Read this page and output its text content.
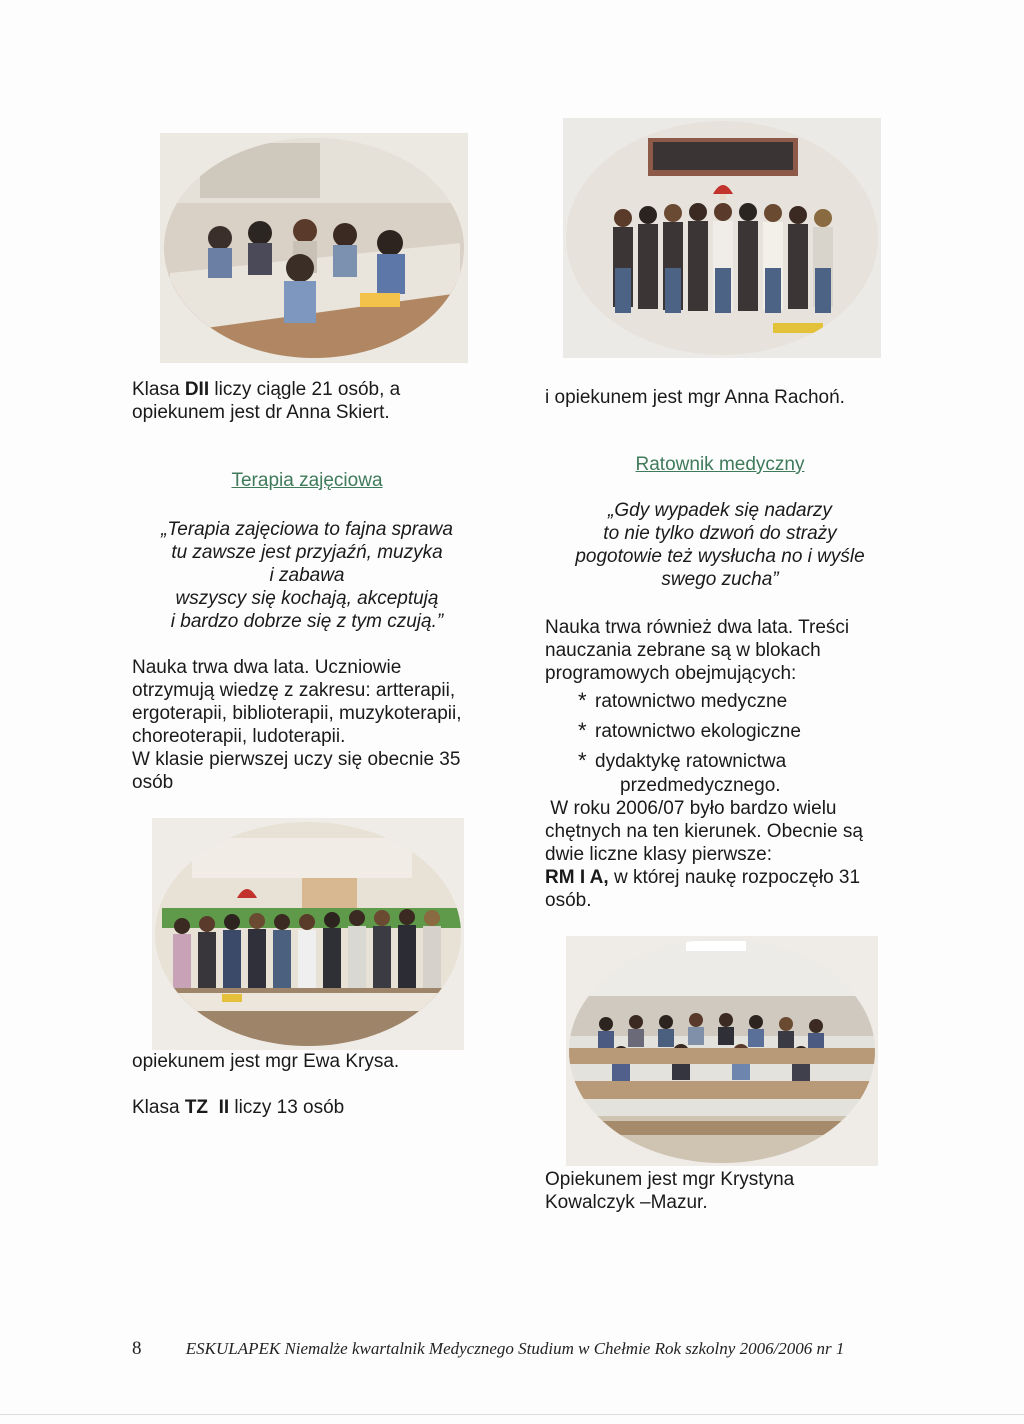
Klasa DII liczy ciągle 21 osób, a
opiekunem jest dr Anna Skiert.
i opiekunem jest mgr Anna Rachoń.
Terapia zajęciowa
Ratownik medyczny
„Terapia zajęciowa to fajna sprawa
tu zawsze jest przyjaźń, muzyka
i zabawa
wszyscy się kochają, akceptują
i bardzo dobrze się z tym czują.”
„Gdy wypadek się nadarzy
to nie tylko dzwoń do straży
pogotowie też wysłucha no i wyśle
swego zucha”
Nauka trwa dwa lata. Uczniowie
otrzymują wiedzę z zakresu: artterapii,
ergoterapii, biblioterapii, muzykoterapii,
choreoterapii, ludoterapii.
W klasie pierwszej uczy się obecnie 35
osób
Nauka trwa również dwa lata. Treści
nauczania zebrane są w blokach
programowych obejmujących:
* ratownictwo medyczne
* ratownictwo ekologiczne
* dydaktykę ratownictwa
przedmedycznego.
W roku 2006/07 było bardzo wielu
chętnych na ten kierunek. Obecnie są
dwie liczne klasy pierwsze:
RM I A, w której naukę rozpoczęło 31
osób.
opiekunem jest mgr Ewa Krysa.
Klasa TZ  II liczy 13 osób
Opiekunem jest mgr Krystyna
Kowalczyk –Mazur.
8	ESKULAPEK Niemalże kwartalnik Medycznego Studium w Chełmie Rok szkolny 2006/2006 nr 1
